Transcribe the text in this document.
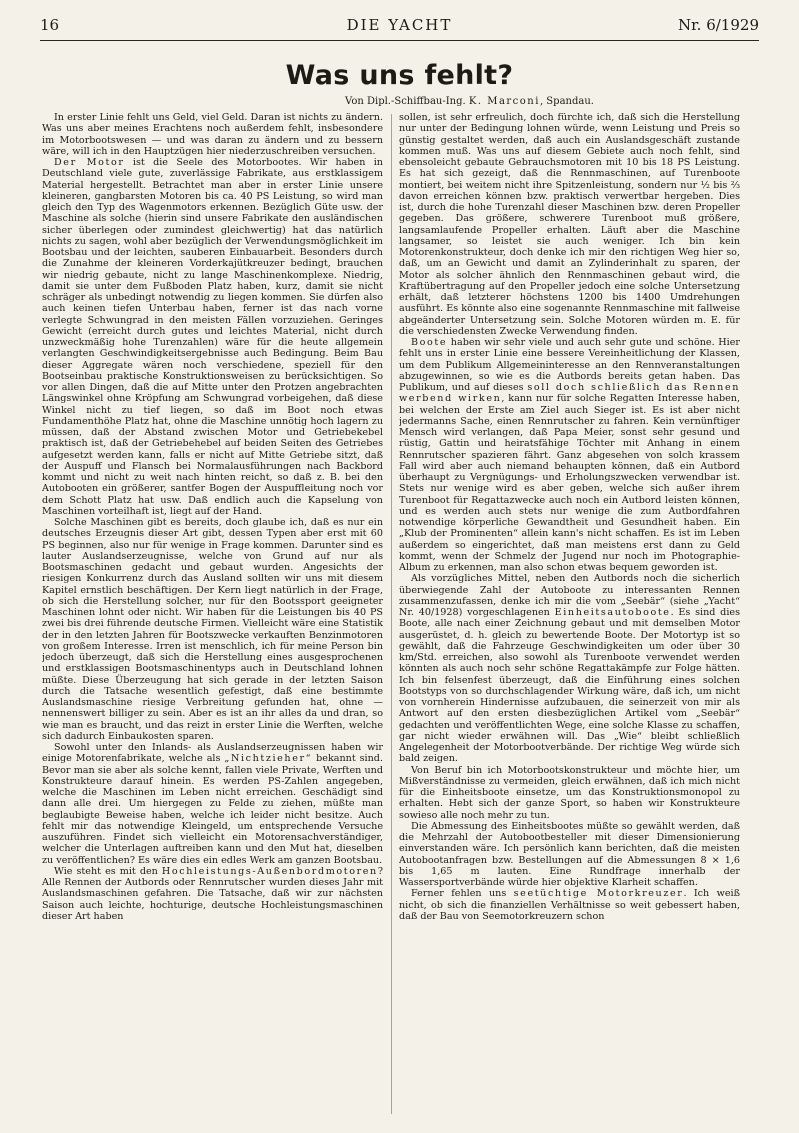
16	DIE YACHT	Nr. 6/1929
Was uns fehlt?
Von Dipl.-Schiffbau-Ing. K. Marconi, Spandau.

In erster Linie fehlt uns Geld, viel Geld. Daran ist nichts zu ändern. Was uns aber meines Erachtens noch außerdem fehlt, insbesondere im Motorbootswesen — und was daran zu ändern und zu bessern wäre, will ich in den Hauptzügen hier niederzuschreiben versuchen.

Der Motor ist die Seele des Motorbootes. Wir haben in Deutschland viele gute, zuverlässige Fabrikate, aus erstklassigem Material hergestellt. Betrachtet man aber in erster Linie unsere kleineren, gangbarsten Motoren bis ca. 40 PS Leistung, so wird man gleich den Typ des Wagenmotors erkennen. Bezüglich Güte usw. der Maschine als solche (hierin sind unsere Fabrikate den ausländischen sicher überlegen oder zumindest gleichwertig) hat das natürlich nichts zu sagen, wohl aber bezüglich der Verwendungsmöglichkeit im Bootsbau und der leichten, sauberen Einbauarbeit. Besonders durch die Zunahme der kleineren Vorderkajütkreuzer bedingt, brauchen wir niedrig gebaute, nicht zu lange Maschinenkomplexe. Niedrig, damit sie unter dem Fußboden Platz haben, kurz, damit sie nicht schräger als unbedingt notwendig zu liegen kommen. Sie dürfen also auch keinen tiefen Unterbau haben, ferner ist das nach vorne verlegte Schwungrad in den meisten Fällen vorzuziehen. Geringes Gewicht (erreicht durch gutes und leichtes Material, nicht durch unzweckmäßig hohe Turenzahlen) wäre für die heute allgemein verlangten Geschwindigkeitsergebnisse auch Bedingung. Beim Bau dieser Aggregate wären noch verschiedene, speziell für den Bootseinbau praktische Konstruktionsweisen zu berücksichtigen. So vor allen Dingen, daß die auf Mitte unter den Protzen angebrachten Längswinkel ohne Kröpfung am Schwungrad vorbeigehen, daß diese Winkel nicht zu tief liegen, so daß im Boot noch etwas Fundamenthöhe Platz hat, ohne die Maschine unnötig hoch lagern zu müssen, daß der Abstand zwischen Motor und Getriebekebel praktisch ist, daß der Getriebehebel auf beiden Seiten des Getriebes aufgesetzt werden kann, falls er nicht auf Mitte Getriebe sitzt, daß der Auspuff und Flansch bei Normalausführungen nach Backbord kommt und nicht zu weit nach hinten reicht, so daß z. B. bei den Autobooten ein größerer, santfer Bogen der Auspuffleitung noch vor dem Schott Platz hat usw. Daß endlich auch die Kapselung von Maschinen vorteilhaft ist, liegt auf der Hand.

Solche Maschinen gibt es bereits, doch glaube ich, daß es nur ein deutsches Erzeugnis dieser Art gibt, dessen Typen aber erst mit 60 PS beginnen, also nur für wenige in Frage kommen. Darunter sind es lauter Auslandserzeugnisse, welche von Grund auf nur als Bootsmaschinen gedacht und gebaut wurden. Angesichts der riesigen Konkurrenz durch das Ausland sollten wir uns mit diesem Kapitel ernstlich beschäftigen. Der Kern liegt natürlich in der Frage, ob sich die Herstellung solcher, nur für den Bootssport geeigneter Maschinen lohnt oder nicht. Wir haben für die Leistungen bis 40 PS zwei bis drei führende deutsche Firmen. Vielleicht wäre eine Statistik der in den letzten Jahren für Bootszwecke verkauften Benzinmotoren von großem Interesse. Irren ist menschlich, ich für meine Person bin jedoch überzeugt, daß sich die Herstellung eines ausgesprochenen und erstklassigen Bootsmaschinentyps auch in Deutschland lohnen müßte. Diese Überzeugung hat sich gerade in der letzten Saison durch die Tatsache wesentlich gefestigt, daß eine bestimmte Auslandsmaschine riesige Verbreitung gefunden hat, ohne — nennenswert billiger zu sein. Aber es ist an ihr alles da und dran, so wie man es braucht, und das reizt in erster Linie die Werften, welche sich dadurch Einbaukosten sparen.

Sowohl unter den Inlands- als Auslandserzeugnissen haben wir einige Motorenfabrikate, welche als „Nichtzieher“ bekannt sind. Bevor man sie aber als solche kennt, fallen viele Private, Werften und Konstrukteure darauf hinein. Es werden PS-Zahlen angegeben, welche die Maschinen im Leben nicht erreichen. Geschädigt sind dann alle drei. Um hiergegen zu Felde zu ziehen, müßte man beglaubigte Beweise haben, welche ich leider nicht besitze. Auch fehlt mir das notwendige Kleingeld, um entsprechende Versuche auszuführen. Findet sich vielleicht ein Motorensachverständiger, welcher die Unterlagen auftreiben kann und den Mut hat, dieselben zu veröffentlichen? Es wäre dies ein edles Werk am ganzen Bootsbau.

Wie steht es mit den Hochleistungs-Außenbordmotoren? Alle Rennen der Autbords oder Rennrutscher wurden dieses Jahr mit Auslandsmaschinen gefahren. Die Tatsache, daß wir zur nächsten Saison auch leichte, hochturige, deutsche Hochleistungsmaschinen dieser Art haben

sollen, ist sehr erfreulich, doch fürchte ich, daß sich die Herstellung nur unter der Bedingung lohnen würde, wenn Leistung und Preis so günstig gestaltet werden, daß auch ein Auslandsgeschäft zustande kommen muß. Was uns auf diesem Gebiete auch noch fehlt, sind ebensoleicht gebaute Gebrauchsmotoren mit 10 bis 18 PS Leistung. Es hat sich gezeigt, daß die Rennmaschinen, auf Turenboote montiert, bei weitem nicht ihre Spitzenleistung, sondern nur ½ bis ⅔ davon erreichen können bzw. praktisch verwertbar hergeben. Dies ist, durch die hohe Turenzahl dieser Maschinen bzw. deren Propeller gegeben. Das größere, schwerere Turenboot muß größere, langsamlaufende Propeller erhalten. Läuft aber die Maschine langsamer, so leistet sie auch weniger. Ich bin kein Motorenkonstrukteur, doch denke ich mir den richtigen Weg hier so, daß, um an Gewicht und damit an Zylinderinhalt zu sparen, der Motor als solcher ähnlich den Rennmaschinen gebaut wird, die Kraftübertragung auf den Propeller jedoch eine solche Untersetzung erhält, daß letzterer höchstens 1200 bis 1400 Umdrehungen ausführt. Es könnte also eine sogenannte Rennmaschine mit fallweise abgeänderter Untersetzung sein. Solche Motoren würden m. E. für die verschiedensten Zwecke Verwendung finden.

Boote haben wir sehr viele und auch sehr gute und schöne. Hier fehlt uns in erster Linie eine bessere Vereinheitlichung der Klassen, um dem Publikum Allgemeininteresse an den Rennveranstaltungen abzugewinnen, so wie es die Autbords bereits getan haben. Das Publikum, und auf dieses soll doch schließlich das Rennen werbend wirken, kann nur für solche Regatten Interesse haben, bei welchen der Erste am Ziel auch Sieger ist. Es ist aber nicht jedermanns Sache, einen Rennrutscher zu fahren. Kein vernünftiger Mensch wird verlangen, daß Papa Meier, sonst sehr gesund und rüstig, Gattin und heiratsfähige Töchter mit Anhang in einem Rennrutscher spazieren fährt. Ganz abgesehen von solch krassem Fall wird aber auch niemand behaupten können, daß ein Autbord überhaupt zu Vergnügungs- und Erholungszwecken verwendbar ist. Stets nur wenige wird es aber geben, welche sich außer ihrem Turenboot für Regattazwecke auch noch ein Autbord leisten können, und es werden auch stets nur wenige die zum Autbordfahren notwendige körperliche Gewandtheit und Gesundheit haben. Ein „Klub der Prominenten“ allein kann's nicht schaffen. Es ist im Leben außerdem so eingerichtet, daß man meistens erst dann zu Geld kommt, wenn der Schmelz der Jugend nur noch im Photographie-Album zu erkennen, man also schon etwas bequem geworden ist.

Als vorzügliches Mittel, neben den Autbords noch die sicherlich überwiegende Zahl der Autoboote zu interessanten Rennen zusammenzufassen, denke ich mir die vom „Seebär“ (siehe „Yacht“ Nr. 40/1928) vorgeschlagenen Einheitsautoboote. Es sind dies Boote, alle nach einer Zeichnung gebaut und mit demselben Motor ausgerüstet, d. h. gleich zu bewertende Boote. Der Motortyp ist so gewählt, daß die Fahrzeuge Geschwindigkeiten um oder über 30 km/Std. erreichen, also sowohl als Turenboote verwendet werden könnten als auch noch sehr schöne Regattakämpfe zur Folge hätten. Ich bin felsenfest überzeugt, daß die Einführung eines solchen Bootstyps von so durchschlagender Wirkung wäre, daß ich, um nicht von vornherein Hindernisse aufzubauen, die seinerzeit von mir als Antwort auf den ersten diesbezüglichen Artikel vom „Seebär“ gedachten und veröffentlichten Wege, eine solche Klasse zu schaffen, gar nicht wieder erwähnen will. Das „Wie“ bleibt schließlich Angelegenheit der Motorbootverbände. Der richtige Weg würde sich bald zeigen.

Von Beruf bin ich Motorbootskonstrukteur und möchte hier, um Mißverständnisse zu vermeiden, gleich erwähnen, daß ich mich nicht für die Einheitsboote einsetze, um das Konstruktionsmonopol zu erhalten. Hebt sich der ganze Sport, so haben wir Konstrukteure sowieso alle noch mehr zu tun.

Die Abmessung des Einheitsbootes müßte so gewählt werden, daß die Mehrzahl der Autobootbesteller mit dieser Dimensionierung einverstanden wäre. Ich persönlich kann berichten, daß die meisten Autobootanfragen bzw. Bestellungen auf die Abmessungen 8 × 1,6 bis 1,65 m lauten. Eine Rundfrage innerhalb der Wassersportverbände würde hier objektive Klarheit schaffen.

Ferner fehlen uns seetüchtige Motorkreuzer. Ich weiß nicht, ob sich die finanziellen Verhältnisse so weit gebessert haben, daß der Bau von Seemotorkreuzern schon
